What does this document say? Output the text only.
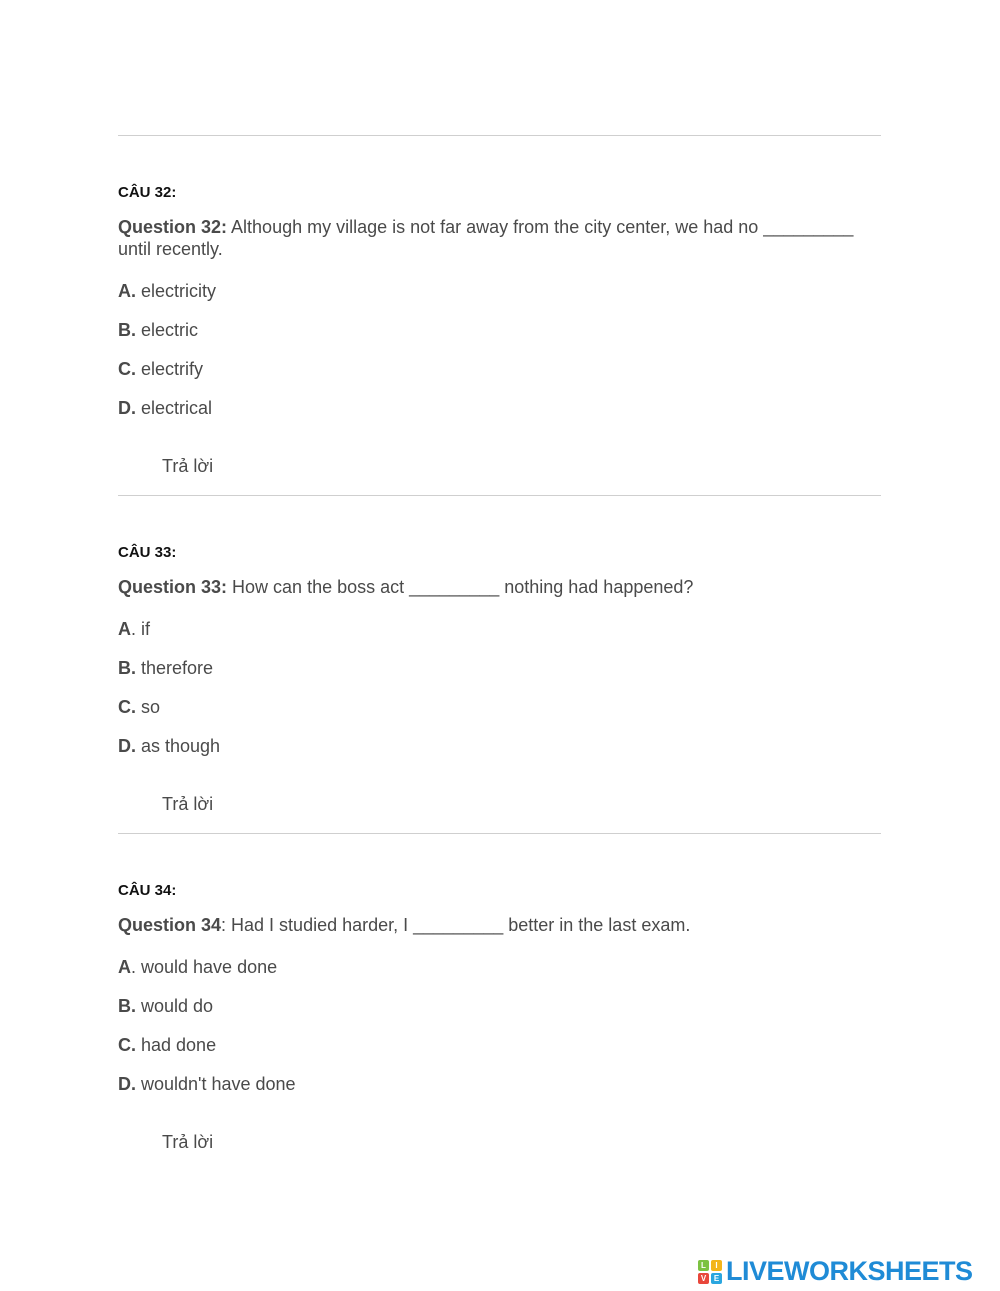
CÂU 32:

Question 32: Although my village is not far away from the city center, we had no _________ until recently.

A. electricity
B. electric
C. electrify
D. electrical
Trả lời

CÂU 33:

Question 33: How can the boss act _________ nothing had happened?

A. if
B. therefore
C. so
D. as though
Trả lời

CÂU 34:

Question 34: Had I studied harder, I _________ better in the last exam.

A. would have done
B. would do
C. had done
D. wouldn't have done
Trả lời
L	I
V E LIVEWORKSHEETS
